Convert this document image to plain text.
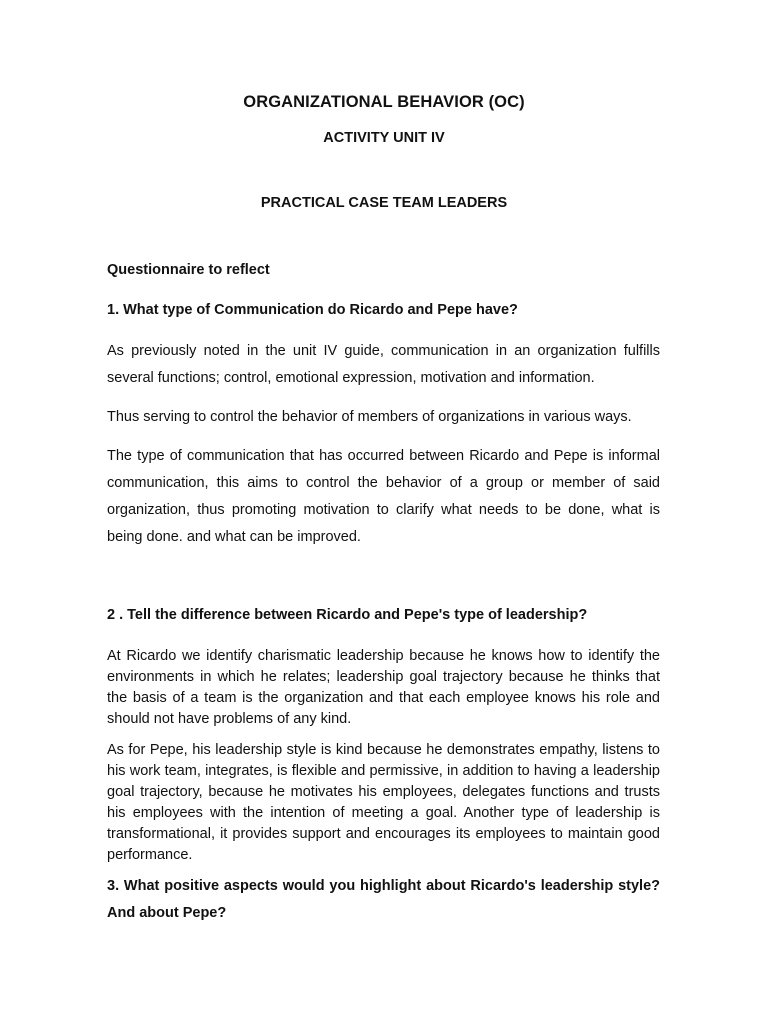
ORGANIZATIONAL BEHAVIOR (OC)
ACTIVITY UNIT IV
PRACTICAL CASE TEAM LEADERS

Questionnaire to reflect

1. What type of Communication do Ricardo and Pepe have?

As previously noted in the unit IV guide, communication in an organization fulfills several functions; control, emotional expression, motivation and information.

Thus serving to control the behavior of members of organizations in various ways.

The type of communication that has occurred between Ricardo and Pepe is informal communication, this aims to control the behavior of a group or member of said organization, thus promoting motivation to clarify what needs to be done, what is being done. and what can be improved.

2 . Tell the difference between Ricardo and Pepe's type of leadership?

At Ricardo we identify charismatic leadership because he knows how to identify the environments in which he relates; leadership goal trajectory because he thinks that the basis of a team is the organization and that each employee knows his role and should not have problems of any kind.

As for Pepe, his leadership style is kind because he demonstrates empathy, listens to his work team, integrates, is flexible and permissive, in addition to having a leadership goal trajectory, because he motivates his employees, delegates functions and trusts his employees with the intention of meeting a goal. Another type of leadership is transformational, it provides support and encourages its employees to maintain good performance.

3. What positive aspects would you highlight about Ricardo's leadership style? And about Pepe?
